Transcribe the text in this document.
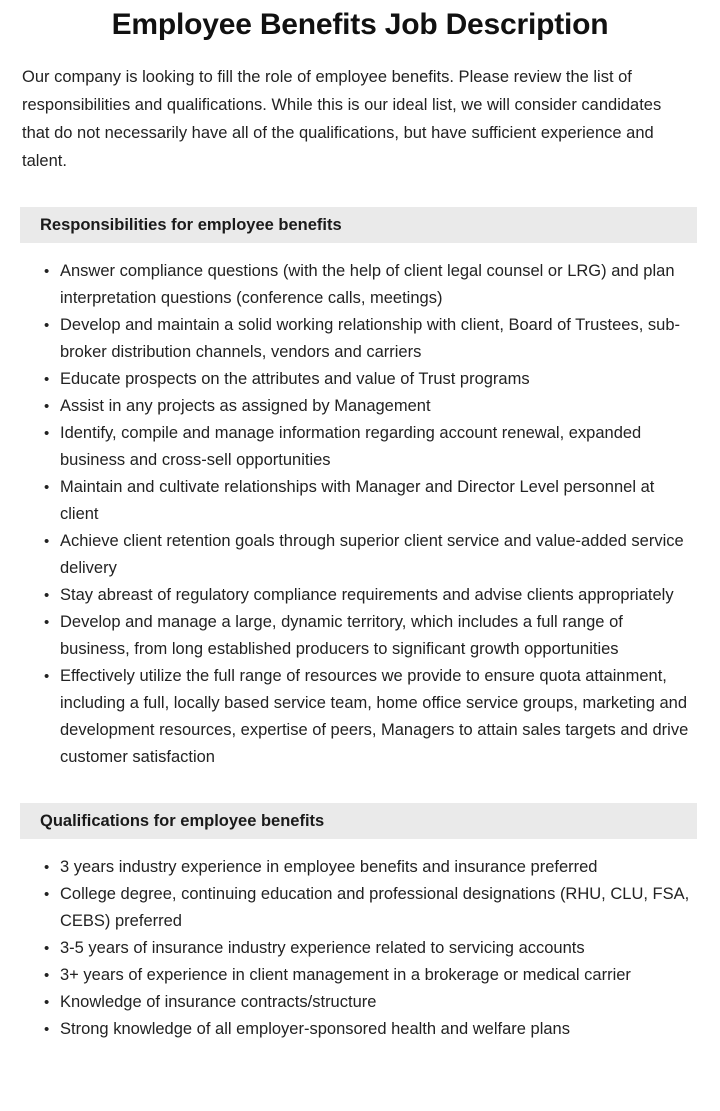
Employee Benefits Job Description

Our company is looking to fill the role of employee benefits. Please review the list of responsibilities and qualifications. While this is our ideal list, we will consider candidates that do not necessarily have all of the qualifications, but have sufficient experience and talent.

Responsibilities for employee benefits
• Answer compliance questions (with the help of client legal counsel or LRG) and plan interpretation questions (conference calls, meetings)
• Develop and maintain a solid working relationship with client, Board of Trustees, sub-broker distribution channels, vendors and carriers
• Educate prospects on the attributes and value of Trust programs
• Assist in any projects as assigned by Management
• Identify, compile and manage information regarding account renewal, expanded business and cross-sell opportunities
• Maintain and cultivate relationships with Manager and Director Level personnel at client
• Achieve client retention goals through superior client service and value-added service delivery
• Stay abreast of regulatory compliance requirements and advise clients appropriately
• Develop and manage a large, dynamic territory, which includes a full range of business, from long established producers to significant growth opportunities
• Effectively utilize the full range of resources we provide to ensure quota attainment, including a full, locally based service team, home office service groups, marketing and development resources, expertise of peers, Managers to attain sales targets and drive customer satisfaction
Qualifications for employee benefits
• 3 years industry experience in employee benefits and insurance preferred
• College degree, continuing education and professional designations (RHU, CLU, FSA, CEBS) preferred
• 3-5 years of insurance industry experience related to servicing accounts
• 3+ years of experience in client management in a brokerage or medical carrier
• Knowledge of insurance contracts/structure
• Strong knowledge of all employer-sponsored health and welfare plans
